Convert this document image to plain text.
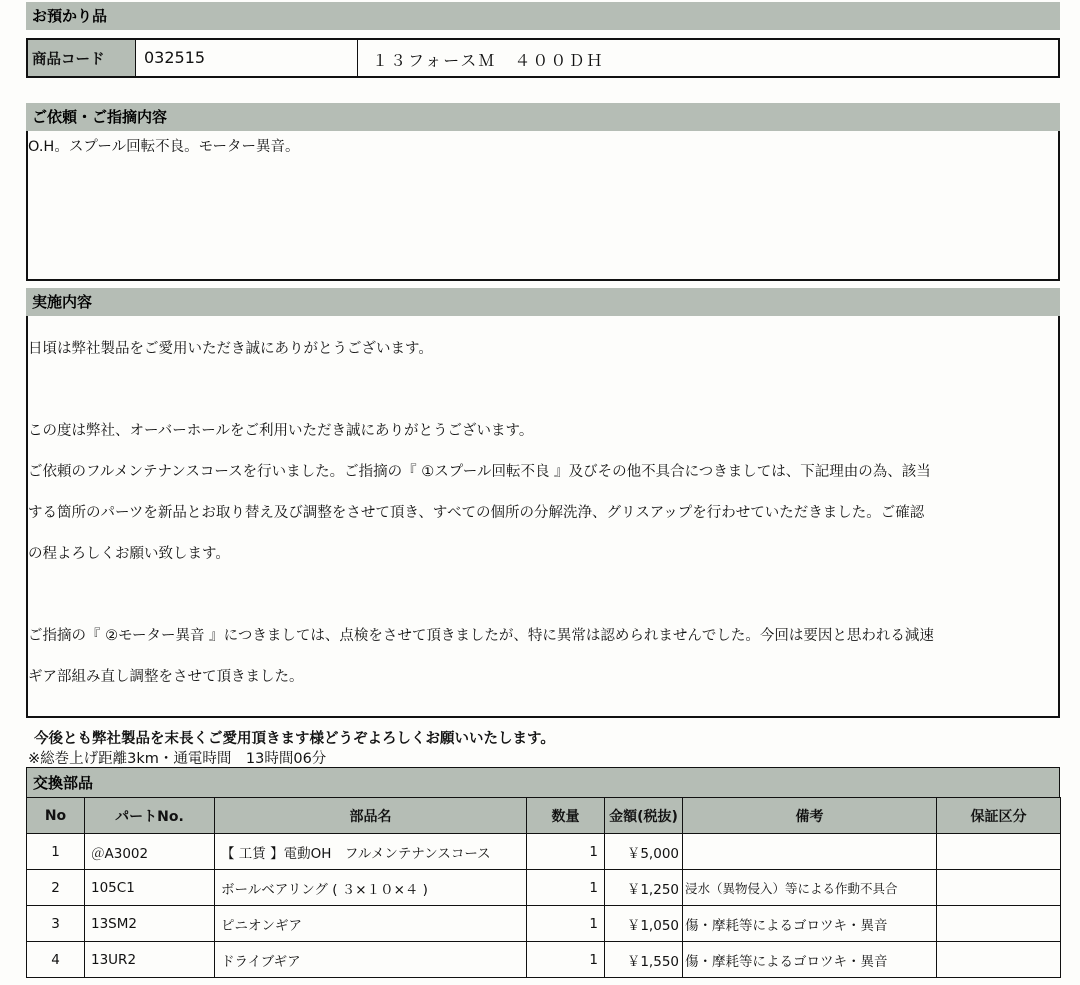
お預かり品
商品コード 032515	１３フォースＭ　４００ＤＨ
ご依頼・ご指摘内容
O.H。スプール回転不良。モーター異音。
実施内容

日頃は弊社製品をご愛用いただき誠にありがとうございます。

この度は弊社、オーバーホールをご利用いただき誠にありがとうございます。

ご依頼のフルメンテナンスコースを行いました。ご指摘の『 ①スプール回転不良 』及びその他不具合につきましては、下記理由の為、該当

する箇所のパーツを新品とお取り替え及び調整をさせて頂き、すべての個所の分解洗浄、グリスアップを行わせていただきました。ご確認

の程よろしくお願い致します。

ご指摘の『 ②モーター異音 』につきましては、点検をさせて頂きましたが、特に異常は認められませんでした。今回は要因と思われる減速

ギア部組み直し調整をさせて頂きました。

※総巻上げ距離3km・通電時間　13時間06分

今後とも弊社製品を末長くご愛用頂きます様どうぞよろしくお願いいたします。
交換部品
No	パートNo.	部品名	数量	金額(税抜)	備考	保証区分
1	＠A3002	【 工賃 】電動OH　フルメンテナンスコース	1	￥5,000		
2	105C1	ボールベアリング ( ３×１０×４ )	1	￥1,250	浸水（異物侵入）等による作動不具合	
3	13SM2	ピニオンギア	1	￥1,050	傷・摩耗等によるゴロツキ・異音	
4	13UR2	ドライブギア	1	￥1,550	傷・摩耗等によるゴロツキ・異音	
